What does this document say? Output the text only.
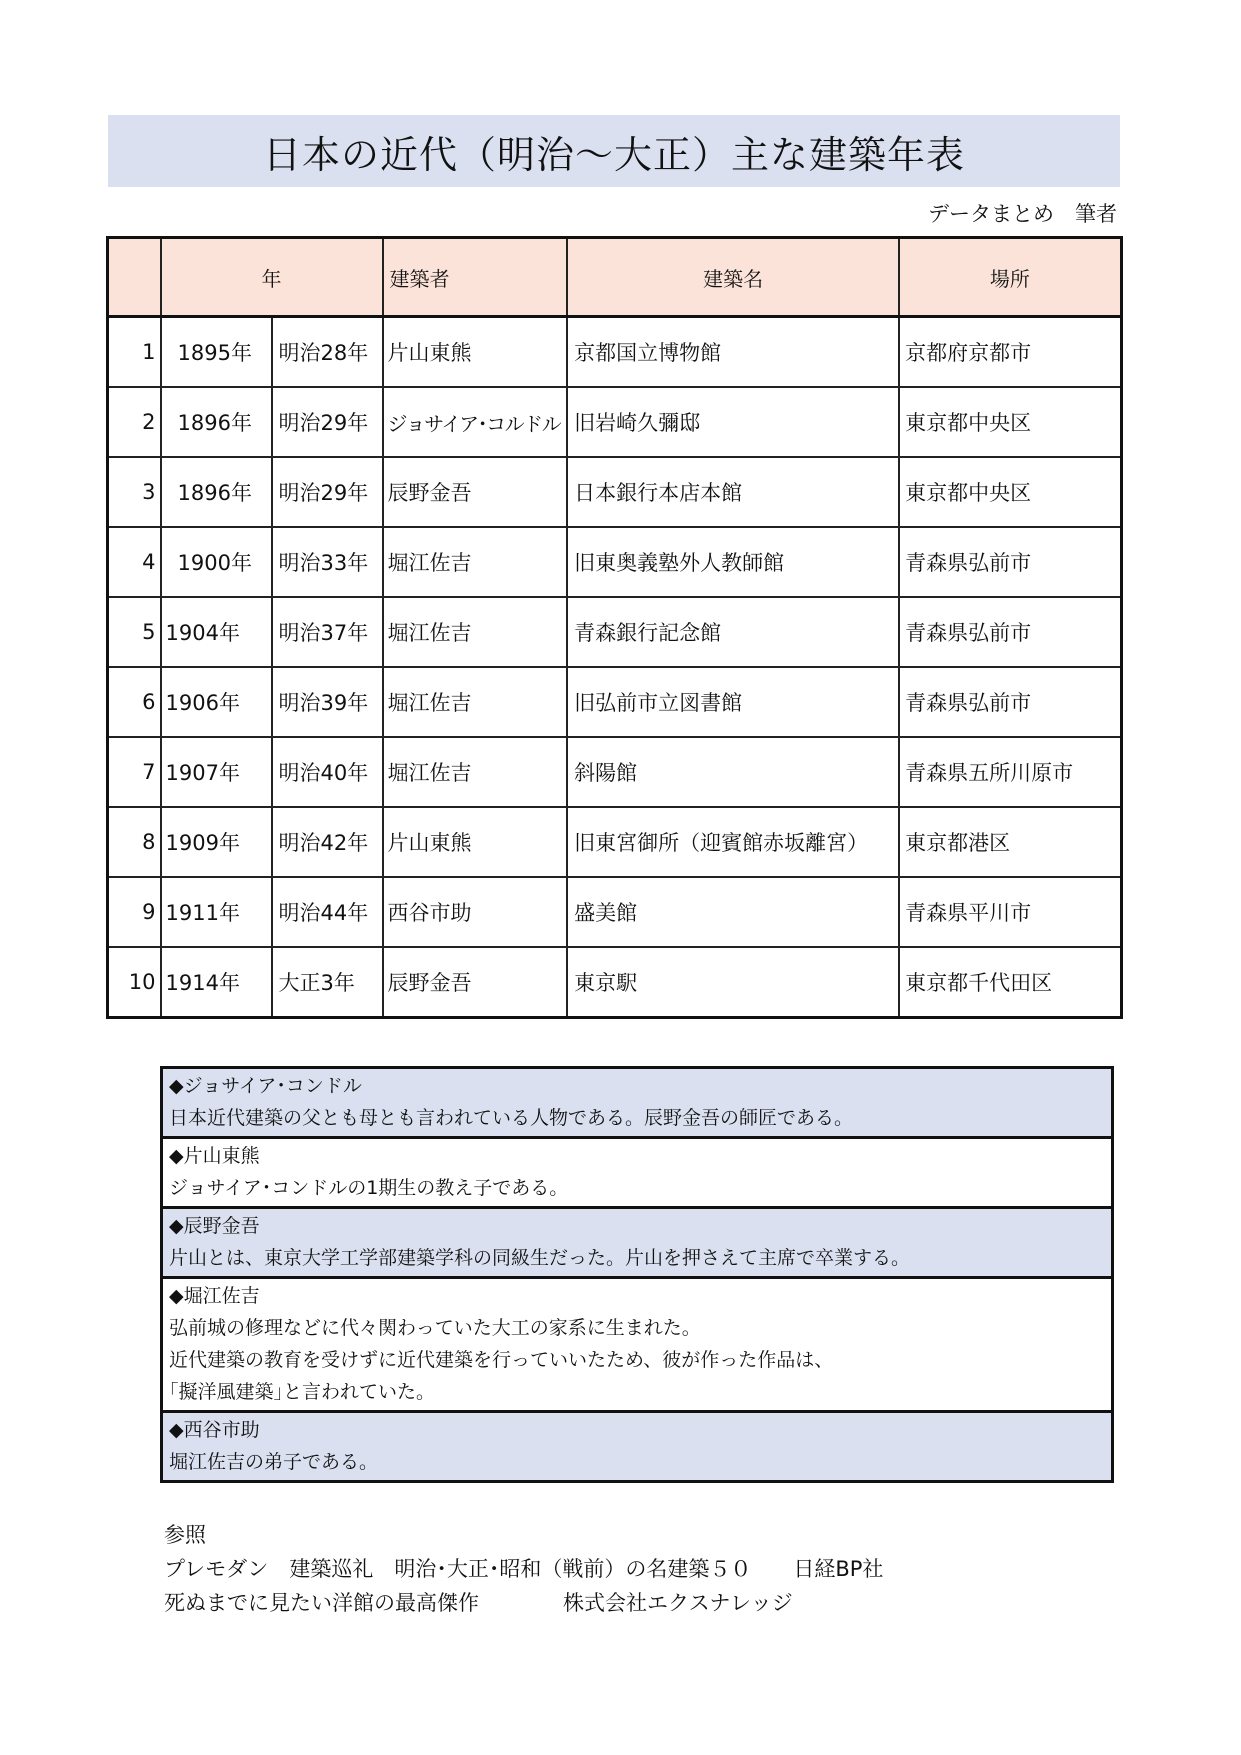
日本の近代（明治〜大正）主な建築年表
データまとめ　筆者
	年		建築者	建築名	場所
1	1895年	明治28年	片山東熊	京都国立博物館	京都府京都市
2	1896年	明治29年	ジョサイア･コルドル	旧岩崎久彌邸	東京都中央区
3	1896年	明治29年	辰野金吾	日本銀行本店本館	東京都中央区
4	1900年	明治33年	堀江佐吉	旧東奥義塾外人教師館	青森県弘前市
5	1904年	明治37年	堀江佐吉	青森銀行記念館	青森県弘前市
6	1906年	明治39年	堀江佐吉	旧弘前市立図書館	青森県弘前市
7	1907年	明治40年	堀江佐吉	斜陽館	青森県五所川原市
8	1909年	明治42年	片山東熊	旧東宮御所（迎賓館赤坂離宮）	東京都港区
9	1911年	明治44年	西谷市助	盛美館	青森県平川市
10	1914年	大正3年	辰野金吾	東京駅	東京都千代田区
◆ジョサイア･コンドル
日本近代建築の父とも母とも言われている人物である。辰野金吾の師匠である。
◆片山東熊
ジョサイア･コンドルの1期生の教え子である。
◆辰野金吾
片山とは、東京大学工学部建築学科の同級生だった。片山を押さえて主席で卒業する。
◆堀江佐吉
弘前城の修理などに代々関わっていた大工の家系に生まれた。
近代建築の教育を受けずに近代建築を行っていいたため、彼が作った作品は、
｢擬洋風建築｣と言われていた。
◆西谷市助
堀江佐吉の弟子である。
参照
プレモダン　建築巡礼　明治･大正･昭和（戦前）の名建築５０　　日経BP社
死ぬまでに見たい洋館の最高傑作　　　　株式会社エクスナレッジ
